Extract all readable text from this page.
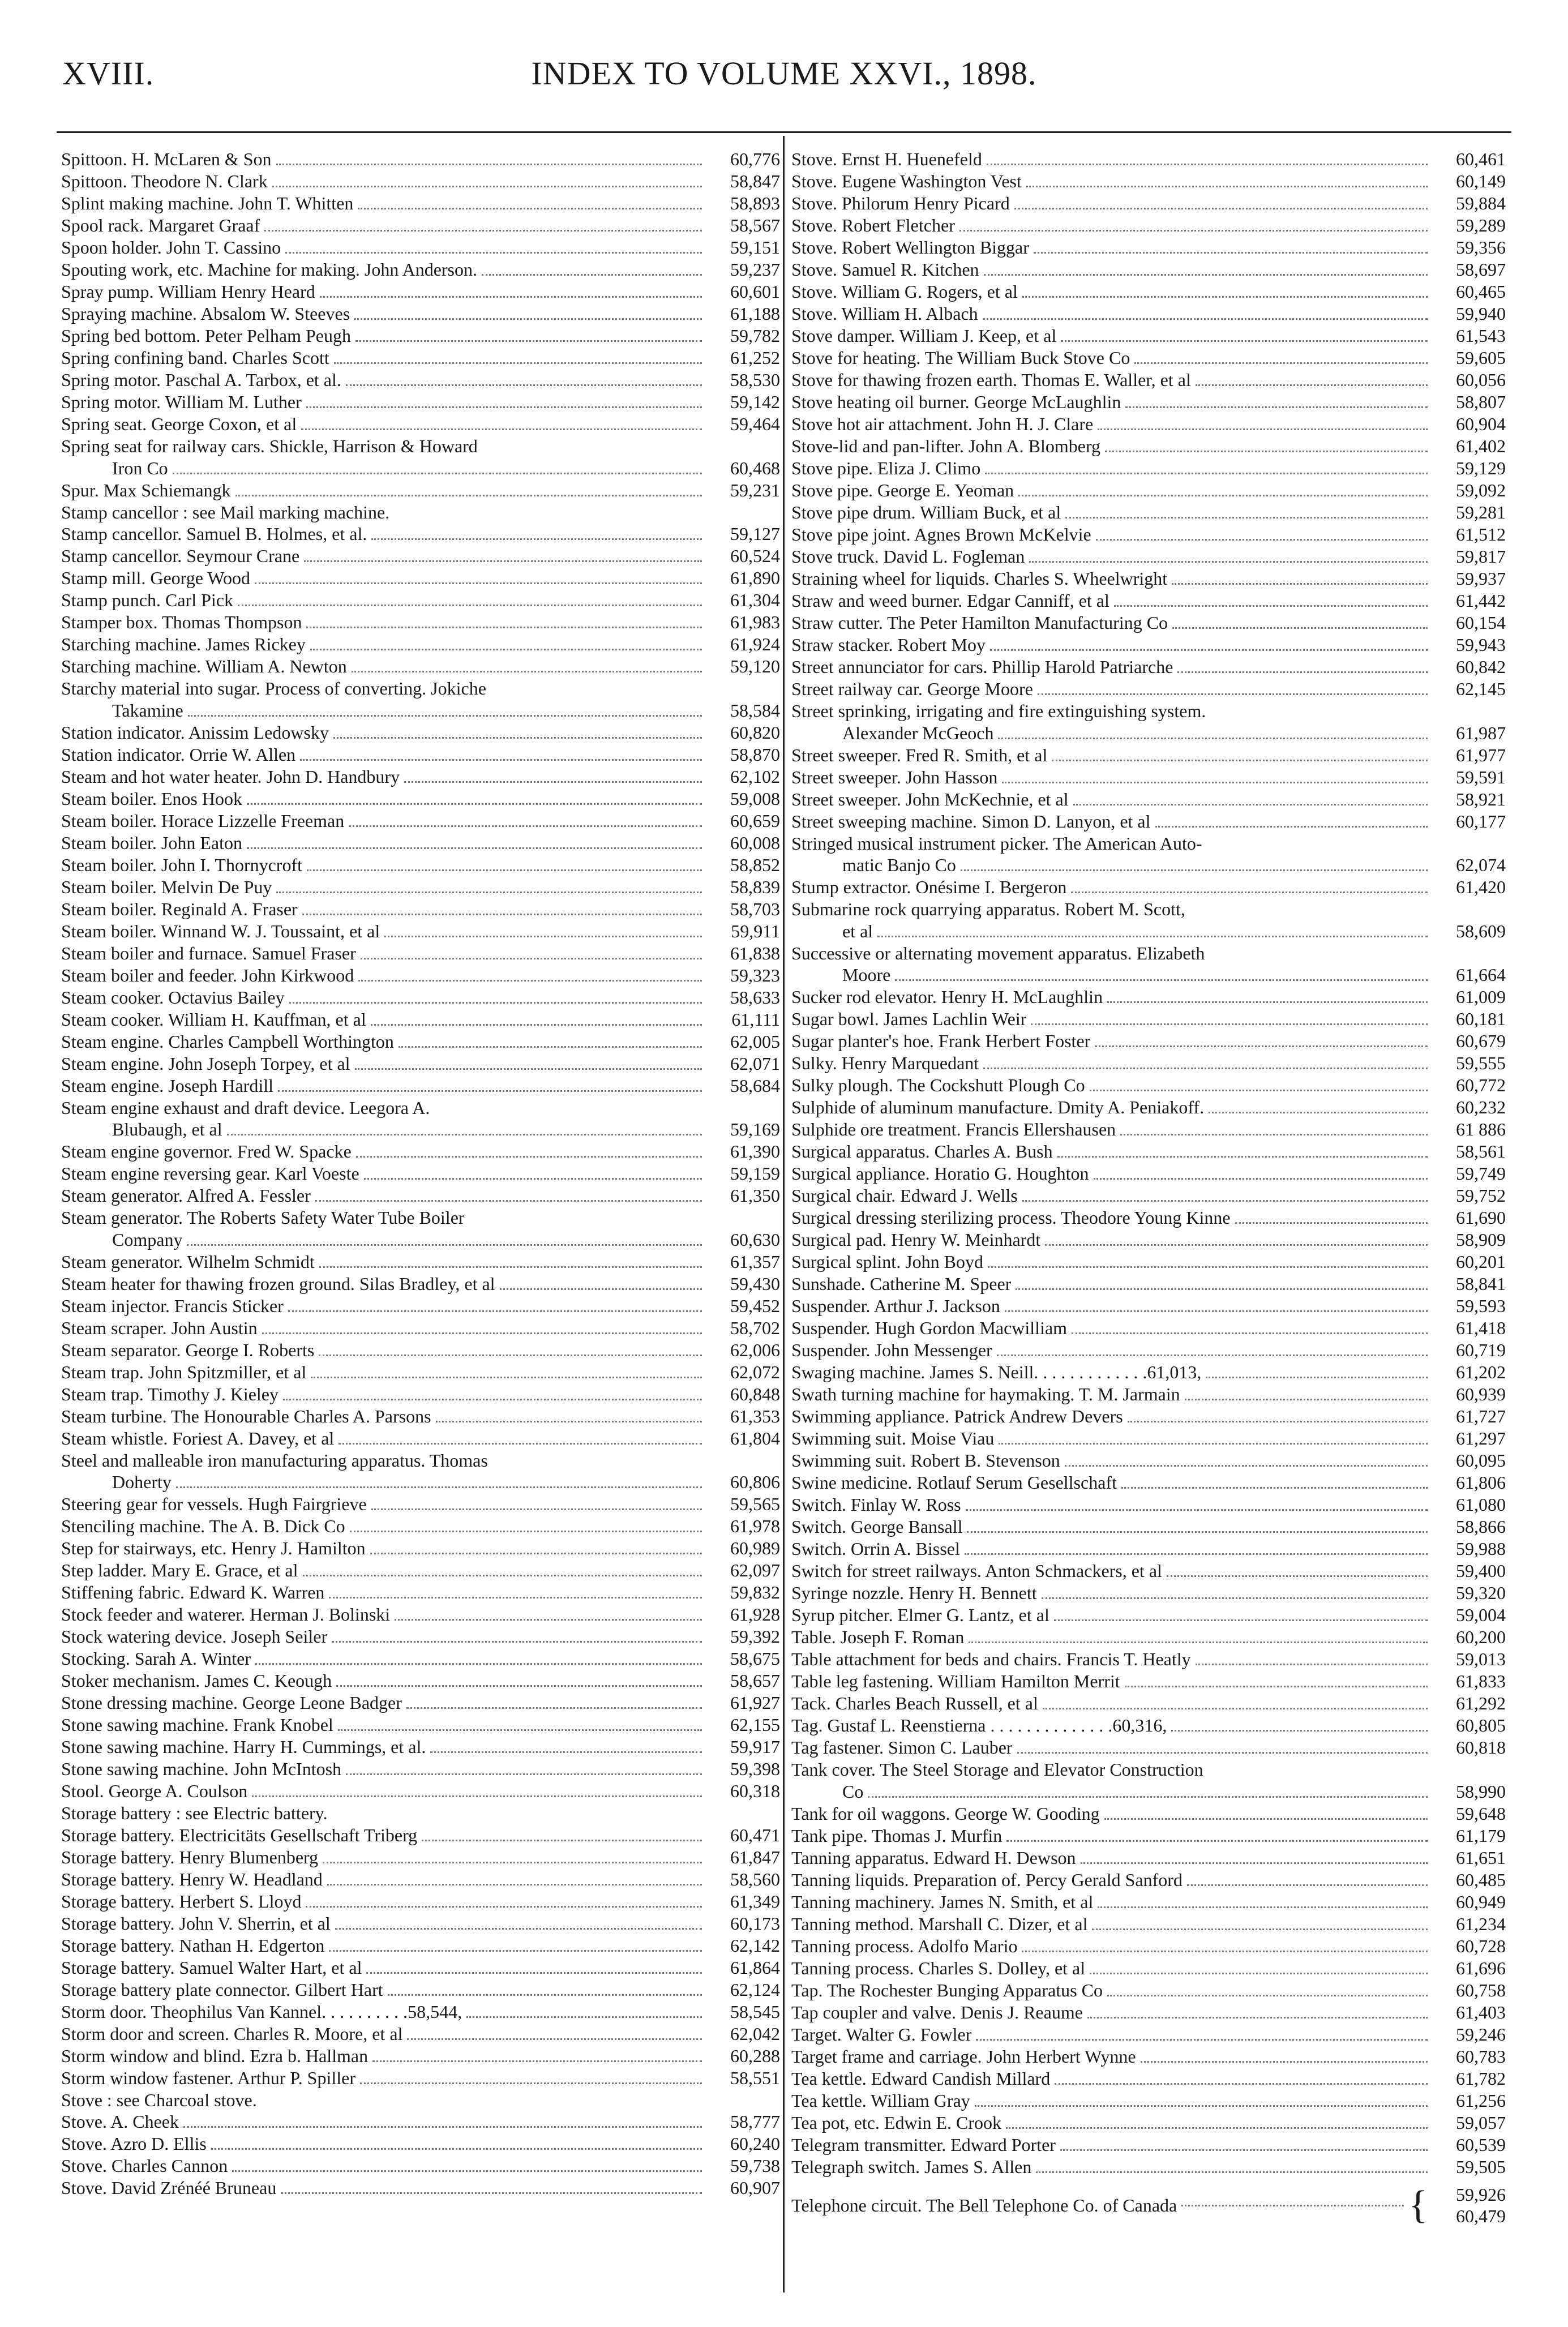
XVIII.	INDEX TO VOLUME XXVI., 1898.
Spittoon. H. McLaren & Son	60,776
Spittoon. Theodore N. Clark	58,847
Splint making machine. John T. Whitten	58,893
Spool rack. Margaret Graaf	58,567
Spoon holder. John T. Cassino	59,151
Spouting work, etc. Machine for making. John Anderson.	59,237
Spray pump. William Henry Heard	60,601
Spraying machine. Absalom W. Steeves	61,188
Spring bed bottom. Peter Pelham Peugh	59,782
Spring confining band. Charles Scott	61,252
Spring motor. Paschal A. Tarbox, et al.	58,530
Spring motor. William M. Luther	59,142
Spring seat. George Coxon, et al	59,464
Spring seat for railway cars. Shickle, Harrison & Howard
Iron Co	60,468
Spur. Max Schiemangk	59,231
Stamp cancellor : see Mail marking machine.
Stamp cancellor. Samuel B. Holmes, et al.	59,127
Stamp cancellor. Seymour Crane	60,524
Stamp mill. George Wood	61,890
Stamp punch. Carl Pick	61,304
Stamper box. Thomas Thompson	61,983
Starching machine. James Rickey	61,924
Starching machine. William A. Newton	59,120
Starchy material into sugar. Process of converting. Jokiche
Takamine	58,584
Station indicator. Anissim Ledowsky	60,820
Station indicator. Orrie W. Allen	58,870
Steam and hot water heater. John D. Handbury	62,102
Steam boiler. Enos Hook	59,008
Steam boiler. Horace Lizzelle Freeman	60,659
Steam boiler. John Eaton	60,008
Steam boiler. John I. Thornycroft	58,852
Steam boiler. Melvin De Puy	58,839
Steam boiler. Reginald A. Fraser	58,703
Steam boiler. Winnand W. J. Toussaint, et al	59,911
Steam boiler and furnace. Samuel Fraser	61,838
Steam boiler and feeder. John Kirkwood	59,323
Steam cooker. Octavius Bailey	58,633
Steam cooker. William H. Kauffman, et al	61,111
Steam engine. Charles Campbell Worthington	62,005
Steam engine. John Joseph Torpey, et al	62,071
Steam engine. Joseph Hardill	58,684
Steam engine exhaust and draft device. Leegora A.
Blubaugh, et al	59,169
Steam engine governor. Fred W. Spacke	61,390
Steam engine reversing gear. Karl Voeste	59,159
Steam generator. Alfred A. Fessler	61,350
Steam generator. The Roberts Safety Water Tube Boiler
Company	60,630
Steam generator. Wilhelm Schmidt	61,357
Steam heater for thawing frozen ground. Silas Bradley, et al	59,430
Steam injector. Francis Sticker	59,452
Steam scraper. John Austin	58,702
Steam separator. George I. Roberts	62,006
Steam trap. John Spitzmiller, et al	62,072
Steam trap. Timothy J. Kieley	60,848
Steam turbine. The Honourable Charles A. Parsons	61,353
Steam whistle. Foriest A. Davey, et al	61,804
Steel and malleable iron manufacturing apparatus. Thomas
Doherty	60,806
Steering gear for vessels. Hugh Fairgrieve	59,565
Stenciling machine. The A. B. Dick Co	61,978
Step for stairways, etc. Henry J. Hamilton	60,989
Step ladder. Mary E. Grace, et al	62,097
Stiffening fabric. Edward K. Warren	59,832
Stock feeder and waterer. Herman J. Bolinski	61,928
Stock watering device. Joseph Seiler	59,392
Stocking. Sarah A. Winter	58,675
Stoker mechanism. James C. Keough	58,657
Stone dressing machine. George Leone Badger	61,927
Stone sawing machine. Frank Knobel	62,155
Stone sawing machine. Harry H. Cummings, et al.	59,917
Stone sawing machine. John McIntosh	59,398
Stool. George A. Coulson	60,318
Storage battery : see Electric battery.
Storage battery. Electricitäts Gesellschaft Triberg	60,471
Storage battery. Henry Blumenberg	61,847
Storage battery. Henry W. Headland	58,560
Storage battery. Herbert S. Lloyd	61,349
Storage battery. John V. Sherrin, et al	60,173
Storage battery. Nathan H. Edgerton	62,142
Storage battery. Samuel Walter Hart, et al	61,864
Storage battery plate connector. Gilbert Hart	62,124
Storm door. Theophilus Van Kannel. . . . . . . . . .58,544,	58,545
Storm door and screen. Charles R. Moore, et al	62,042
Storm window and blind. Ezra b. Hallman	60,288
Storm window fastener. Arthur P. Spiller	58,551
Stove : see Charcoal stove.
Stove. A. Cheek	58,777
Stove. Azro D. Ellis	60,240
Stove. Charles Cannon	59,738
Stove. David Zrénéé Bruneau	60,907
Stove. Ernst H. Huenefeld	60,461
Stove. Eugene Washington Vest	60,149
Stove. Philorum Henry Picard	59,884
Stove. Robert Fletcher	59,289
Stove. Robert Wellington Biggar	59,356
Stove. Samuel R. Kitchen	58,697
Stove. William G. Rogers, et al	60,465
Stove. William H. Albach	59,940
Stove damper. William J. Keep, et al	61,543
Stove for heating. The William Buck Stove Co	59,605
Stove for thawing frozen earth. Thomas E. Waller, et al	60,056
Stove heating oil burner. George McLaughlin	58,807
Stove hot air attachment. John H. J. Clare	60,904
Stove-lid and pan-lifter. John A. Blomberg	61,402
Stove pipe. Eliza J. Climo	59,129
Stove pipe. George E. Yeoman	59,092
Stove pipe drum. William Buck, et al	59,281
Stove pipe joint. Agnes Brown McKelvie	61,512
Stove truck. David L. Fogleman	59,817
Straining wheel for liquids. Charles S. Wheelwright	59,937
Straw and weed burner. Edgar Canniff, et al	61,442
Straw cutter. The Peter Hamilton Manufacturing Co	60,154
Straw stacker. Robert Moy	59,943
Street annunciator for cars. Phillip Harold Patriarche	60,842
Street railway car. George Moore	62,145
Street sprinking, irrigating and fire extinguishing system.
Alexander McGeoch	61,987
Street sweeper. Fred R. Smith, et al	61,977
Street sweeper. John Hasson	59,591
Street sweeper. John McKechnie, et al	58,921
Street sweeping machine. Simon D. Lanyon, et al	60,177
Stringed musical instrument picker. The American Auto-
matic Banjo Co	62,074
Stump extractor. Onésime I. Bergeron	61,420
Submarine rock quarrying apparatus. Robert M. Scott,
et al	58,609
Successive or alternating movement apparatus. Elizabeth
Moore	61,664
Sucker rod elevator. Henry H. McLaughlin	61,009
Sugar bowl. James Lachlin Weir	60,181
Sugar planter's hoe. Frank Herbert Foster	60,679
Sulky. Henry Marquedant	59,555
Sulky plough. The Cockshutt Plough Co	60,772
Sulphide of aluminum manufacture. Dmity A. Peniakoff.	60,232
Sulphide ore treatment. Francis Ellershausen	61 886
Surgical apparatus. Charles A. Bush	58,561
Surgical appliance. Horatio G. Houghton	59,749
Surgical chair. Edward J. Wells	59,752
Surgical dressing sterilizing process. Theodore Young Kinne	61,690
Surgical pad. Henry W. Meinhardt	58,909
Surgical splint. John Boyd	60,201
Sunshade. Catherine M. Speer	58,841
Suspender. Arthur J. Jackson	59,593
Suspender. Hugh Gordon Macwilliam	61,418
Suspender. John Messenger	60,719
Swaging machine. James S. Neill. . . . . . . . . . . . .61,013,	61,202
Swath turning machine for haymaking. T. M. Jarmain	60,939
Swimming appliance. Patrick Andrew Devers	61,727
Swimming suit. Moise Viau	61,297
Swimming suit. Robert B. Stevenson	60,095
Swine medicine. Rotlauf Serum Gesellschaft	61,806
Switch. Finlay W. Ross	61,080
Switch. George Bansall	58,866
Switch. Orrin A. Bissel	59,988
Switch for street railways. Anton Schmackers, et al	59,400
Syringe nozzle. Henry H. Bennett	59,320
Syrup pitcher. Elmer G. Lantz, et al	59,004
Table. Joseph F. Roman	60,200
Table attachment for beds and chairs. Francis T. Heatly	59,013
Table leg fastening. William Hamilton Merrit	61,833
Tack. Charles Beach Russell, et al	61,292
Tag. Gustaf L. Reenstierna . . . . . . . . . . . . . .60,316,	60,805
Tag fastener. Simon C. Lauber	60,818
Tank cover. The Steel Storage and Elevator Construction
Co	58,990
Tank for oil waggons. George W. Gooding	59,648
Tank pipe. Thomas J. Murfin	61,179
Tanning apparatus. Edward H. Dewson	61,651
Tanning liquids. Preparation of. Percy Gerald Sanford	60,485
Tanning machinery. James N. Smith, et al	60,949
Tanning method. Marshall C. Dizer, et al	61,234
Tanning process. Adolfo Mario	60,728
Tanning process. Charles S. Dolley, et al	61,696
Tap. The Rochester Bunging Apparatus Co	60,758
Tap coupler and valve. Denis J. Reaume	61,403
Target. Walter G. Fowler	59,246
Target frame and carriage. John Herbert Wynne	60,783
Tea kettle. Edward Candish Millard	61,782
Tea kettle. William Gray	61,256
Tea pot, etc. Edwin E. Crook	59,057
Telegram transmitter. Edward Porter	60,539
Telegraph switch. James S. Allen	59,505
Telephone circuit. The Bell Telephone Co. of Canada	{	59,926
60,479
